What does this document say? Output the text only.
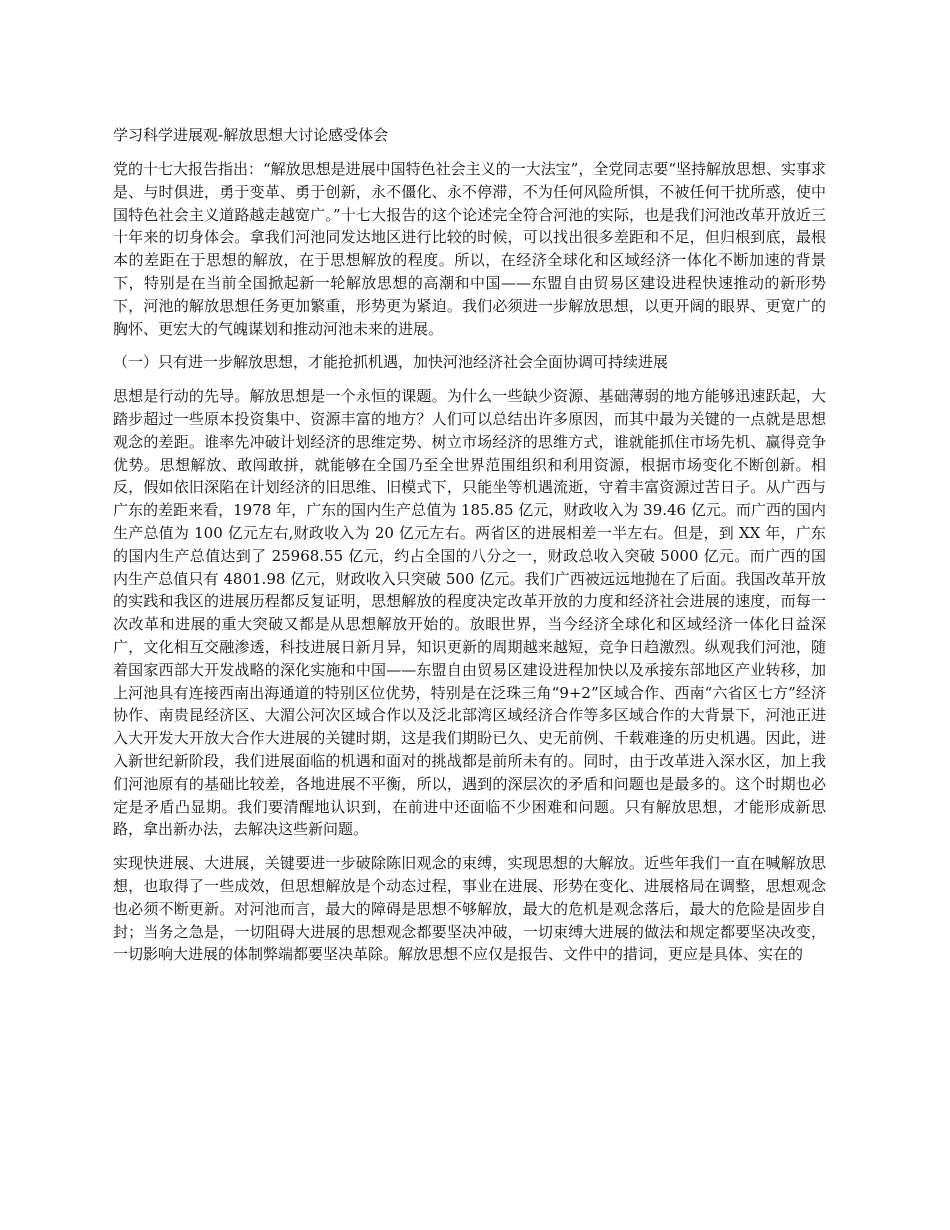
学习科学进展观-解放思想大讨论感受体会

党的十七大报告指出：“解放思想是进展中国特色社会主义的一大法宝”，全党同志要“坚持解放思想、实事求是、与时俱进，勇于变革、勇于创新，永不僵化、永不停滞，不为任何风险所惧，不被任何干扰所惑，使中国特色社会主义道路越走越宽广。”十七大报告的这个论述完全符合河池的实际，也是我们河池改革开放近三十年来的切身体会。拿我们河池同发达地区进行比较的时候，可以找出很多差距和不足，但归根到底，最根本的差距在于思想的解放，在于思想解放的程度。所以，在经济全球化和区域经济一体化不断加速的背景下，特别是在当前全国掀起新一轮解放思想的高潮和中国——东盟自由贸易区建设进程快速推动的新形势下，河池的解放思想任务更加繁重，形势更为紧迫。我们必须进一步解放思想，以更开阔的眼界、更宽广的胸怀、更宏大的气魄谋划和推动河池未来的进展。

（一）只有进一步解放思想，才能抢抓机遇，加快河池经济社会全面协调可持续进展

思想是行动的先导。解放思想是一个永恒的课题。为什么一些缺少资源、基础薄弱的地方能够迅速跃起，大踏步超过一些原本投资集中、资源丰富的地方？人们可以总结出许多原因，而其中最为关键的一点就是思想观念的差距。谁率先冲破计划经济的思维定势、树立市场经济的思维方式，谁就能抓住市场先机、赢得竞争优势。思想解放、敢闯敢拼，就能够在全国乃至全世界范围组织和利用资源，根据市场变化不断创新。相反，假如依旧深陷在计划经济的旧思维、旧模式下，只能坐等机遇流逝，守着丰富资源过苦日子。从广西与广东的差距来看，1978 年，广东的国内生产总值为 185.85 亿元，财政收入为 39.46 亿元。而广西的国内生产总值为 100 亿元左右,财政收入为 20 亿元左右。两省区的进展相差一半左右。但是，到 XX 年，广东的国内生产总值达到了 25968.55 亿元，约占全国的八分之一，财政总收入突破 5000 亿元。而广西的国内生产总值只有 4801.98 亿元，财政收入只突破 500 亿元。我们广西被远远地抛在了后面。我国改革开放的实践和我区的进展历程都反复证明，思想解放的程度决定改革开放的力度和经济社会进展的速度，而每一次改革和进展的重大突破又都是从思想解放开始的。放眼世界，当今经济全球化和区域经济一体化日益深广，文化相互交融渗透，科技进展日新月异，知识更新的周期越来越短，竞争日趋激烈。纵观我们河池，随着国家西部大开发战略的深化实施和中国——东盟自由贸易区建设进程加快以及承接东部地区产业转移，加上河池具有连接西南出海通道的特别区位优势，特别是在泛珠三角“9+2”区域合作、西南“六省区七方”经济协作、南贵昆经济区、大湄公河次区域合作以及泛北部湾区域经济合作等多区域合作的大背景下，河池正进入大开发大开放大合作大进展的关键时期，这是我们期盼已久、史无前例、千载难逢的历史机遇。因此，进入新世纪新阶段，我们进展面临的机遇和面对的挑战都是前所未有的。同时，由于改革进入深水区，加上我们河池原有的基础比较差，各地进展不平衡，所以，遇到的深层次的矛盾和问题也是最多的。这个时期也必定是矛盾凸显期。我们要清醒地认识到，在前进中还面临不少困难和问题。只有解放思想，才能形成新思路，拿出新办法，去解决这些新问题。

实现快进展、大进展，关键要进一步破除陈旧观念的束缚，实现思想的大解放。近些年我们一直在喊解放思想，也取得了一些成效，但思想解放是个动态过程，事业在进展、形势在变化、进展格局在调整，思想观念也必须不断更新。对河池而言，最大的障碍是思想不够解放，最大的危机是观念落后，最大的危险是固步自封；当务之急是，一切阻碍大进展的思想观念都要坚决冲破，一切束缚大进展的做法和规定都要坚决改变，一切影响大进展的体制弊端都要坚决革除。解放思想不应仅是报告、文件中的措词，更应是具体、实在的
